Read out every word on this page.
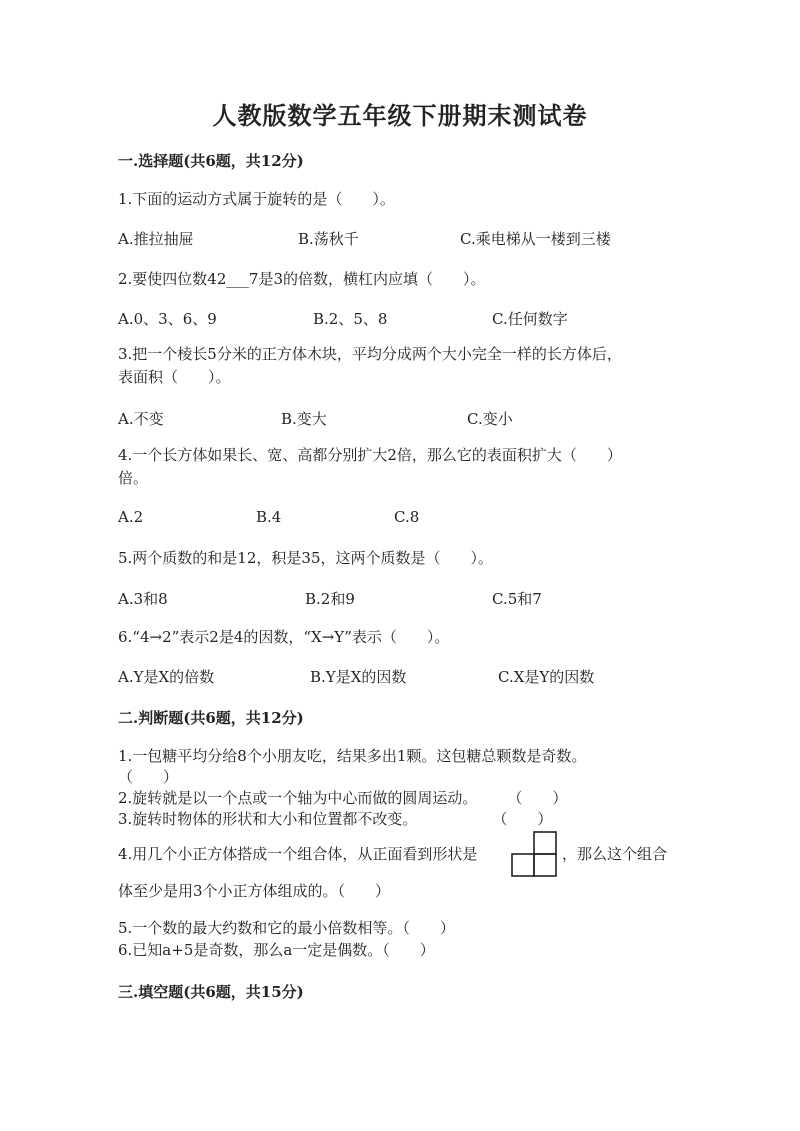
人教版数学五年级下册期末测试卷
一.选择题(共6题，共12分)
1.下面的运动方式属于旋转的是（　　）。
A.推拉抽屉	B.荡秋千	C.乘电梯从一楼到三楼
2.要使四位数42___7是3的倍数，横杠内应填（　　）。
A.0、3、6、9	B.2、5、8	C.任何数字
3.把一个棱长5分米的正方体木块，平均分成两个大小完全一样的长方体后，
表面积（　　）。
A.不变	B.变大	C.变小
4.一个长方体如果长、宽、高都分别扩大2倍，那么它的表面积扩大（　　）
倍。
A.2	B.4	C.8
5.两个质数的和是12，积是35，这两个质数是（　　）。
A.3和8	B.2和9	C.5和7
6.“4→2”表示2是4的因数，“X→Y”表示（　　）。
A.Y是X的倍数	B.Y是X的因数	C.X是Y的因数
二.判断题(共6题，共12分)
1.一包糖平均分给8个小朋友吃，结果多出1颗。这包糖总颗数是奇数。
（　　）
2.旋转就是以一个点或一个轴为中心而做的圆周运动。　　　（　　）
3.旋转时物体的形状和大小和位置都不改变。　　　　　　（　　）
4.用几个小正方体搭成一个组合体，从正面看到形状是	，那么这个组合
体至少是用3个小正方体组成的。（　　）
5.一个数的最大约数和它的最小倍数相等。（　　）
6.已知a+5是奇数，那么a一定是偶数。（　　）
三.填空题(共6题，共15分)
